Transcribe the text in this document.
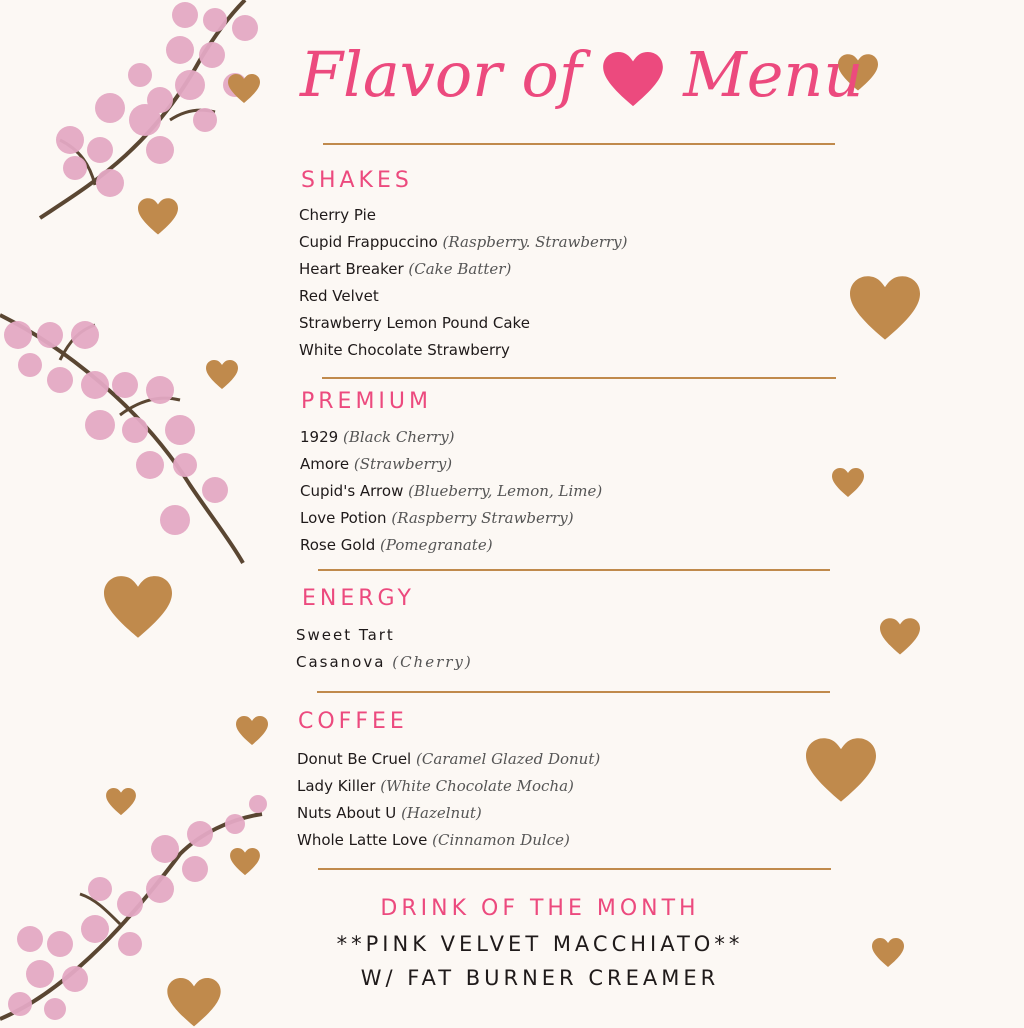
Flavor of Menu
SHAKES
Cherry Pie
Cupid Frappuccino (Raspberry. Strawberry)
Heart Breaker (Cake Batter)
Red Velvet
Strawberry Lemon Pound Cake
White Chocolate Strawberry
PREMIUM
1929 (Black Cherry)
Amore (Strawberry)
Cupid's Arrow (Blueberry, Lemon, Lime)
Love Potion (Raspberry Strawberry)
Rose Gold (Pomegranate)
ENERGY
Sweet Tart
Casanova (Cherry)
COFFEE
Donut Be Cruel (Caramel Glazed Donut)
Lady Killer (White Chocolate Mocha)
Nuts About U (Hazelnut)
Whole Latte Love (Cinnamon Dulce)
DRINK OF THE MONTH
**PINK VELVET MACCHIATO**
W/ FAT BURNER CREAMER
